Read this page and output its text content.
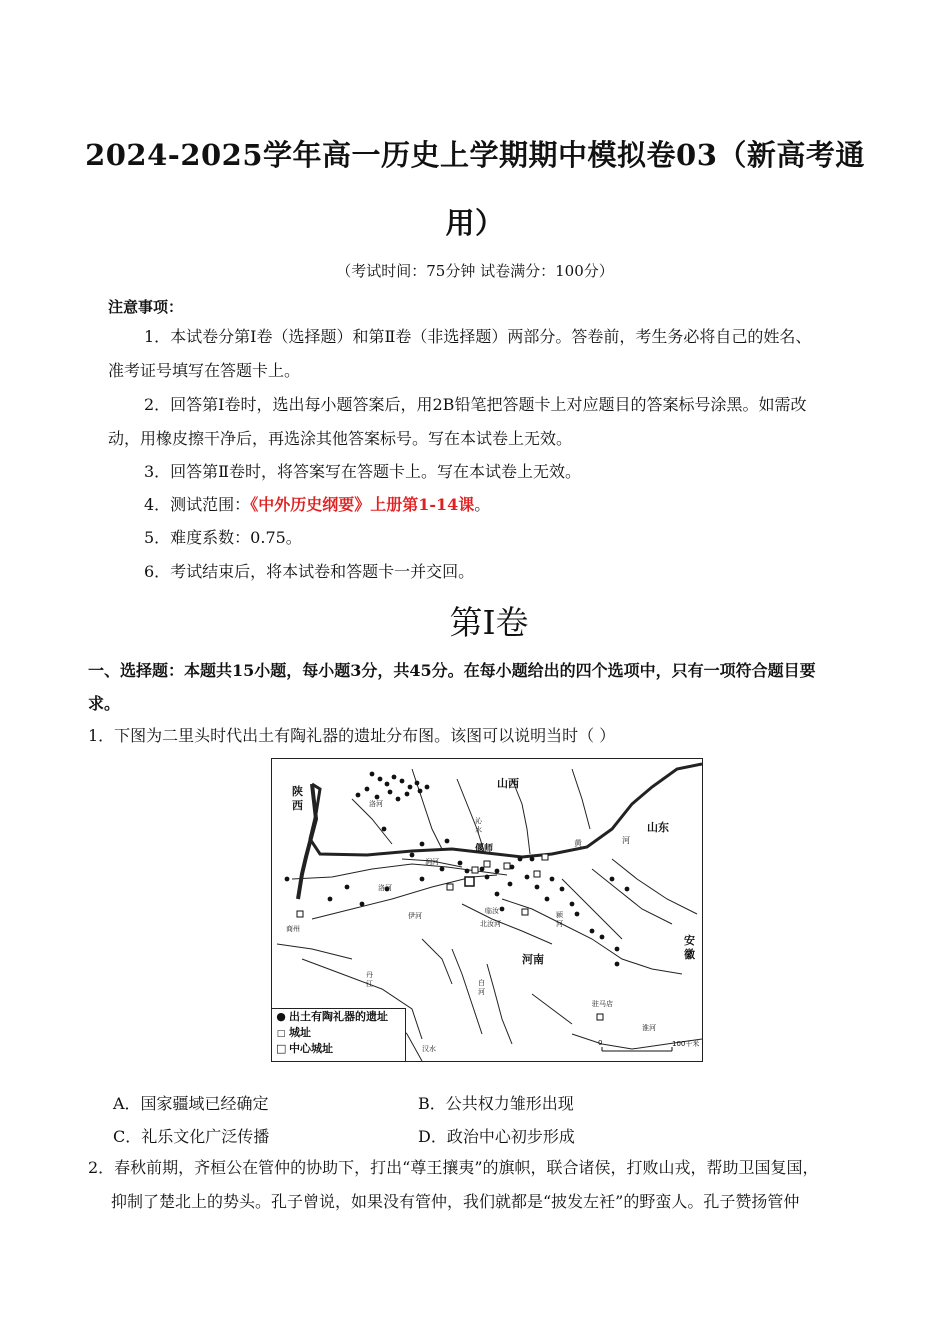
2024-2025学年高一历史上学期期中模拟卷03（新高考通
用）
（考试时间：75分钟 试卷满分：100分）
注意事项：
1．本试卷分第Ⅰ卷（选择题）和第Ⅱ卷（非选择题）两部分。答卷前，考生务必将自己的姓名、
准考证号填写在答题卡上。
2．回答第Ⅰ卷时，选出每小题答案后，用2B铅笔把答题卡上对应题目的答案标号涂黑。如需改
动，用橡皮擦干净后，再选涂其他答案标号。写在本试卷上无效。
3．回答第Ⅱ卷时，将答案写在答题卡上。写在本试卷上无效。
4．测试范围：《中外历史纲要》上册第1-14课。
5．难度系数：0.75。
6．考试结束后，将本试卷和答题卡一并交回。
第Ⅰ卷
一、选择题：本题共15小题，每小题3分，共45分。在每小题给出的四个选项中，只有一项符合题目要
求。
1．下图为二里头时代出土有陶礼器的遗址分布图。该图可以说明当时（ ）
陕西
山西
山东
安徽
河南
偃师
黄	河
洛河
涧河
洛河
伊河
沁水
临汝
北汝河
颍河
商州
丹江	白河
驻马店
淮河
汉水
0	100千米
● 出土有陶礼器的遗址
□ 城址
□ 中心城址
A．国家疆域已经确定	B．公共权力雏形出现
C．礼乐文化广泛传播	D．政治中心初步形成
2．春秋前期，齐桓公在管仲的协助下，打出“尊王攘夷”的旗帜，联合诸侯，打败山戎，帮助卫国复国，
抑制了楚北上的势头。孔子曾说，如果没有管仲，我们就都是“披发左衽”的野蛮人。孔子赞扬管仲
